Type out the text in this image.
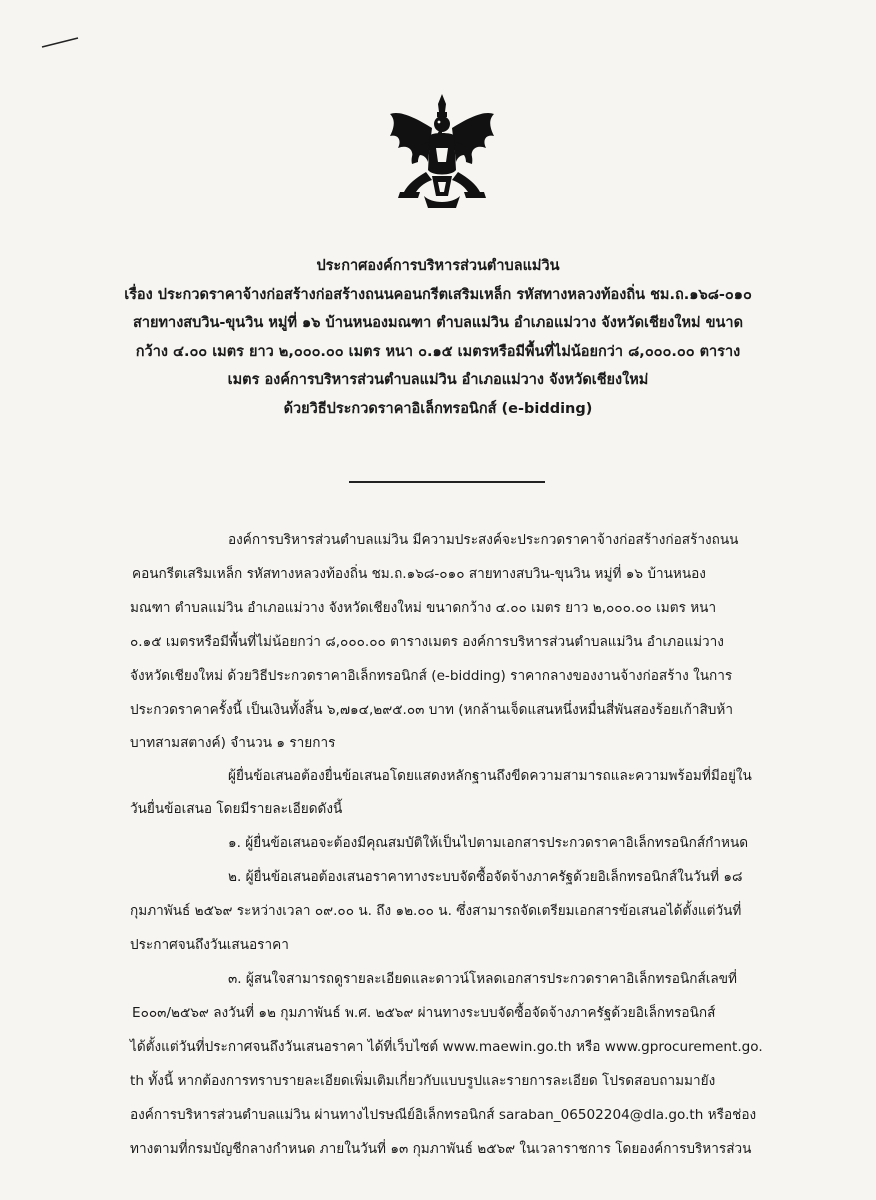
ประกาศองค์การบริหารส่วนตำบลแม่วิน
เรื่อง ประกวดราคาจ้างก่อสร้างก่อสร้างถนนคอนกรีตเสริมเหล็ก รหัสทางหลวงท้องถิ่น ชม.ถ.๑๖๘-๐๑๐
สายทางสบวิน-ขุนวิน หมู่ที่ ๑๖ บ้านหนองมณฑา ตำบลแม่วิน อำเภอแม่วาง จังหวัดเชียงใหม่ ขนาด
กว้าง ๔.๐๐ เมตร ยาว ๒,๐๐๐.๐๐ เมตร หนา ๐.๑๕ เมตรหรือมีพื้นที่ไม่น้อยกว่า ๘,๐๐๐.๐๐ ตาราง
เมตร องค์การบริหารส่วนตำบลแม่วิน อำเภอแม่วาง จังหวัดเชียงใหม่
ด้วยวิธีประกวดราคาอิเล็กทรอนิกส์ (e-bidding)
องค์การบริหารส่วนตำบลแม่วิน มีความประสงค์จะประกวดราคาจ้างก่อสร้างก่อสร้างถนน
คอนกรีตเสริมเหล็ก รหัสทางหลวงท้องถิ่น ชม.ถ.๑๖๘-๐๑๐ สายทางสบวิน-ขุนวิน หมู่ที่ ๑๖ บ้านหนอง
มณฑา ตำบลแม่วิน อำเภอแม่วาง จังหวัดเชียงใหม่ ขนาดกว้าง ๔.๐๐ เมตร ยาว ๒,๐๐๐.๐๐ เมตร หนา
๐.๑๕ เมตรหรือมีพื้นที่ไม่น้อยกว่า ๘,๐๐๐.๐๐ ตารางเมตร องค์การบริหารส่วนตำบลแม่วิน อำเภอแม่วาง
จังหวัดเชียงใหม่ ด้วยวิธีประกวดราคาอิเล็กทรอนิกส์ (e-bidding) ราคากลางของงานจ้างก่อสร้าง ในการ
ประกวดราคาครั้งนี้ เป็นเงินทั้งสิ้น ๖,๗๑๔,๒๙๕.๐๓ บาท (หกล้านเจ็ดแสนหนึ่งหมื่นสี่พันสองร้อยเก้าสิบห้า
บาทสามสตางค์) จำนวน ๑ รายการ
ผู้ยื่นข้อเสนอต้องยื่นข้อเสนอโดยแสดงหลักฐานถึงขีดความสามารถและความพร้อมที่มีอยู่ใน
วันยื่นข้อเสนอ โดยมีรายละเอียดดังนี้
๑. ผู้ยื่นข้อเสนอจะต้องมีคุณสมบัติให้เป็นไปตามเอกสารประกวดราคาอิเล็กทรอนิกส์กำหนด
๒. ผู้ยื่นข้อเสนอต้องเสนอราคาทางระบบจัดซื้อจัดจ้างภาครัฐด้วยอิเล็กทรอนิกส์ในวันที่ ๑๘
กุมภาพันธ์ ๒๕๖๙ ระหว่างเวลา ๐๙.๐๐ น. ถึง ๑๒.๐๐ น. ซึ่งสามารถจัดเตรียมเอกสารข้อเสนอได้ตั้งแต่วันที่
ประกาศจนถึงวันเสนอราคา
๓. ผู้สนใจสามารถดูรายละเอียดและดาวน์โหลดเอกสารประกวดราคาอิเล็กทรอนิกส์เลขที่
E๐๐๓/๒๕๖๙ ลงวันที่ ๑๒ กุมภาพันธ์ พ.ศ. ๒๕๖๙ ผ่านทางระบบจัดซื้อจัดจ้างภาครัฐด้วยอิเล็กทรอนิกส์
ได้ตั้งแต่วันที่ประกาศจนถึงวันเสนอราคา ได้ที่เว็บไซต์ www.maewin.go.th หรือ www.gprocurement.go.
th ทั้งนี้ หากต้องการทราบรายละเอียดเพิ่มเติมเกี่ยวกับแบบรูปและรายการละเอียด โปรดสอบถามมายัง
องค์การบริหารส่วนตำบลแม่วิน ผ่านทางไปรษณีย์อิเล็กทรอนิกส์ saraban_06502204@dla.go.th หรือช่อง
ทางตามที่กรมบัญชีกลางกำหนด ภายในวันที่ ๑๓ กุมภาพันธ์ ๒๕๖๙ ในเวลาราชการ โดยองค์การบริหารส่วน
